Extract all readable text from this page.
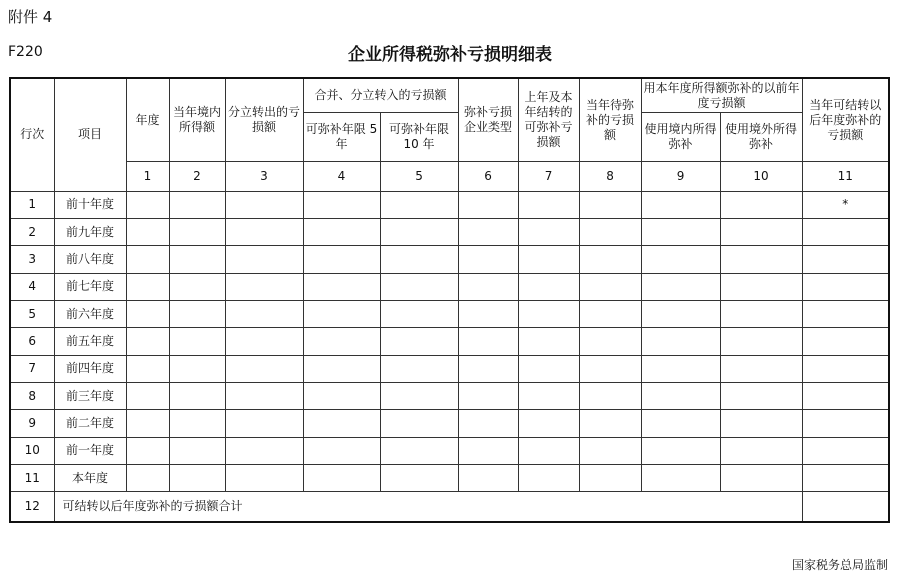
附件 4
F220	企业所得税弥补亏损明细表
行次	项目	年度	当年境内所得额	分立转出的亏损额	合并、分立转入的亏损额		弥补亏损企业类型	上年及本年结转的可弥补亏损额	当年待弥补的亏损额	用本年度所得额弥补的以前年度亏损额		当年可结转以后年度弥补的亏损额
					可弥补年限 5 年	可弥补年限 10 年				使用境内所得弥补	使用境外所得弥补	
		1	2	3	4	5	6	7	8	9	10	11
1	前十年度											*
2	前九年度											
3	前八年度											
4	前七年度											
5	前六年度											
6	前五年度											
7	前四年度											
8	前三年度											
9	前二年度											
10	前一年度											
11	本年度											
12	可结转以后年度弥补的亏损额合计											
国家税务总局监制
